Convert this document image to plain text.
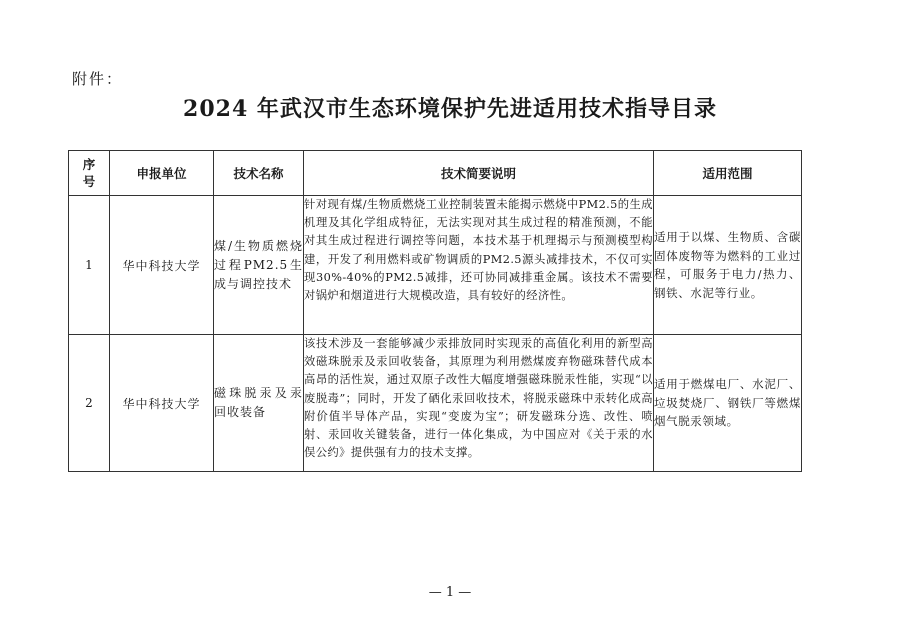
附件：
2024 年武汉市生态环境保护先进适用技术指导目录
序号	申报单位	技术名称	技术简要说明	适用范围
1	华中科技大学	煤/生物质燃烧过程PM2.5生成与调控技术	针对现有煤/生物质燃烧工业控制装置未能揭示燃烧中PM2.5的生成机理及其化学组成特征，无法实现对其生成过程的精准预测，不能对其生成过程进行调控等问题，本技术基于机理揭示与预测模型构建，开发了利用燃料或矿物调质的PM2.5源头减排技术，不仅可实现30%-40%的PM2.5减排，还可协同减排重金属。该技术不需要对锅炉和烟道进行大规模改造，具有较好的经济性。	适用于以煤、生物质、含碳固体废物等为燃料的工业过程，可服务于电力/热力、钢铁、水泥等行业。
2	华中科技大学	磁珠脱汞及汞回收装备	该技术涉及一套能够减少汞排放同时实现汞的高值化利用的新型高效磁珠脱汞及汞回收装备，其原理为利用燃煤废弃物磁珠替代成本高昂的活性炭，通过双原子改性大幅度增强磁珠脱汞性能，实现“以废脱毒”；同时，开发了硒化汞回收技术，将脱汞磁珠中汞转化成高附价值半导体产品，实现“变废为宝”；研发磁珠分选、改性、喷射、汞回收关键装备，进行一体化集成，为中国应对《关于汞的水俣公约》提供强有力的技术支撑。	适用于燃煤电厂、水泥厂、垃圾焚烧厂、钢铁厂等燃煤烟气脱汞领域。
— 1 —
